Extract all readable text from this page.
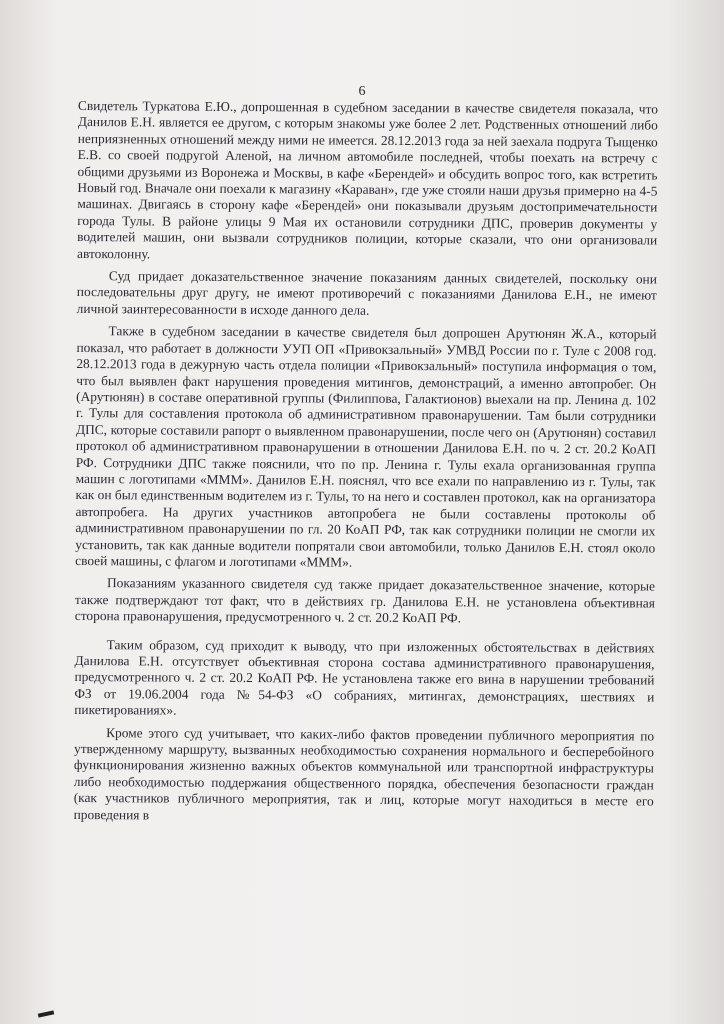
6

Свидетель Туркатова Е.Ю., допрошенная в судебном заседании в качестве свидетеля показала, что Данилов Е.Н. является ее другом, с которым знакомы уже более 2 лет. Родственных отношений либо неприязненных отношений между ними не имеется. 28.12.2013 года за ней заехала подруга Тыщенко Е.В. со своей подругой Аленой, на личном автомобиле последней, чтобы поехать на встречу с общими друзьями из Воронежа и Москвы, в кафе «Берендей» и обсудить вопрос того, как встретить Новый год. Вначале они поехали к магазину «Караван», где уже стояли наши друзья примерно на 4-5 машинах. Двигаясь в сторону кафе «Берендей» они показывали друзьям достопримечательности города Тулы. В районе улицы 9 Мая их остановили сотрудники ДПС, проверив документы у водителей машин, они вызвали сотрудников полиции, которые сказали, что они организовали автоколонну.

Суд придает доказательственное значение показаниям данных свидетелей, поскольку они последовательны друг другу, не имеют противоречий с показаниями Данилова Е.Н., не имеют личной заинтересованности в исходе данного дела.

Также в судебном заседании в качестве свидетеля был допрошен Арутюнян Ж.А., который показал, что работает в должности УУП ОП «Привокзальный» УМВД России по г. Туле с 2008 год. 28.12.2013 года в дежурную часть отдела полиции «Привокзальный» поступила информация о том, что был выявлен факт нарушения проведения митингов, демонстраций, а именно автопробег. Он (Арутюнян) в составе оперативной группы (Филиппова, Галактионов) выехали на пр. Ленина д. 102 г. Тулы для составления протокола об административном правонарушении. Там были сотрудники ДПС, которые составили рапорт о выявленном правонарушении, после чего он (Арутюнян) составил протокол об административном правонарушении в отношении Данилова Е.Н. по ч. 2 ст. 20.2 КоАП РФ. Сотрудники ДПС также пояснили, что по пр. Ленина г. Тулы ехала организованная группа машин с логотипами «МММ». Данилов Е.Н. пояснял, что все ехали по направлению из г. Тулы, так как он был единственным водителем из г. Тулы, то на него и составлен протокол, как на организатора автопробега. На других участников автопробега не были составлены протоколы об административном правонарушении по гл. 20 КоАП РФ, так как сотрудники полиции не смогли их установить, так как данные водители попрятали свои автомобили, только Данилов Е.Н. стоял около своей машины, с флагом и логотипами «МММ».

Показаниям указанного свидетеля суд также придает доказательственное значение, которые также подтверждают тот факт, что в действиях гр. Данилова Е.Н. не установлена объективная сторона правонарушения, предусмотренного ч. 2 ст. 20.2 КоАП РФ.

Таким образом, суд приходит к выводу, что при изложенных обстоятельствах в действиях Данилова Е.Н. отсутствует объективная сторона состава административного правонарушения, предусмотренного ч. 2 ст. 20.2 КоАП РФ. Не установлена также его вина в нарушении требований ФЗ от 19.06.2004 года №54-ФЗ «О собраниях, митингах, демонстрациях, шествиях и пикетированиях».

Кроме этого суд учитывает, что каких-либо фактов проведении публичного мероприятия по утвержденному маршруту, вызванных необходимостью сохранения нормального и бесперебойного функционирования жизненно важных объектов коммунальной или транспортной инфраструктуры либо необходимостью поддержания общественного порядка, обеспечения безопасности граждан (как участников публичного мероприятия, так и лиц, которые могут находиться в месте его проведения в
